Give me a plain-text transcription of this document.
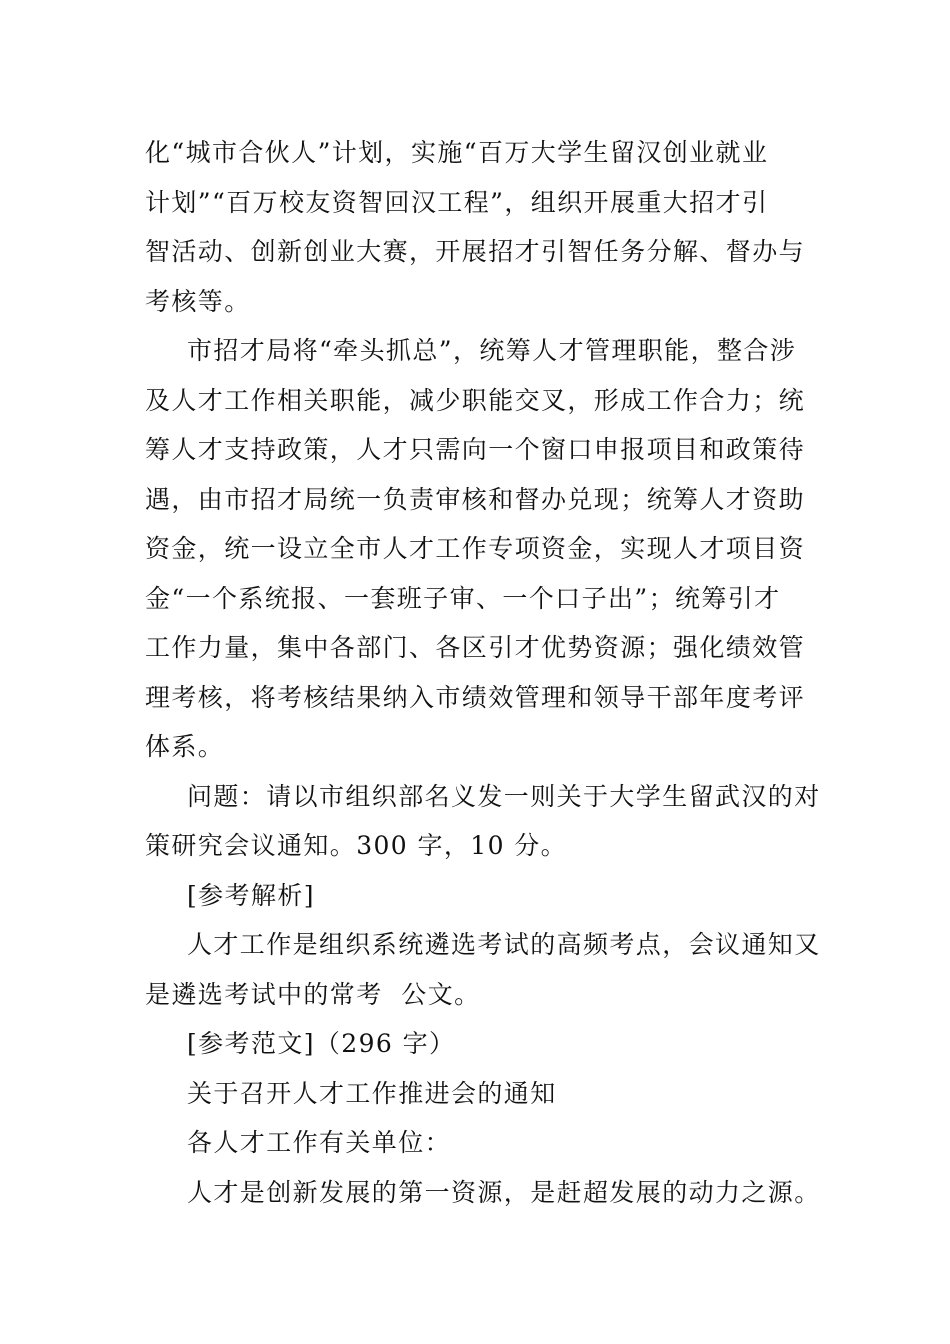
化“城市合伙人”计划，实施“百万大学生留汉创业就业
计划”“百万校友资智回汉工程”，组织开展重大招才引
智活动、创新创业大赛，开展招才引智任务分解、督办与
考核等。

市招才局将“牵头抓总”，统筹人才管理职能，整合涉
及人才工作相关职能，减少职能交叉，形成工作合力；统
筹人才支持政策，人才只需向一个窗口申报项目和政策待
遇，由市招才局统一负责审核和督办兑现；统筹人才资助
资金，统一设立全市人才工作专项资金，实现人才项目资
金“一个系统报、一套班子审、一个口子出”；统筹引才
工作力量，集中各部门、各区引才优势资源；强化绩效管
理考核，将考核结果纳入市绩效管理和领导干部年度考评
体系。

问题：请以市组织部名义发一则关于大学生留武汉的对
策研究会议通知。300 字，10 分。

[参考解析]

人才工作是组织系统遴选考试的高频考点，会议通知又
是遴选考试中的常考  公文。

[参考范文]（296 字）

关于召开人才工作推进会的通知

各人才工作有关单位：

人才是创新发展的第一资源，是赶超发展的动力之源。
